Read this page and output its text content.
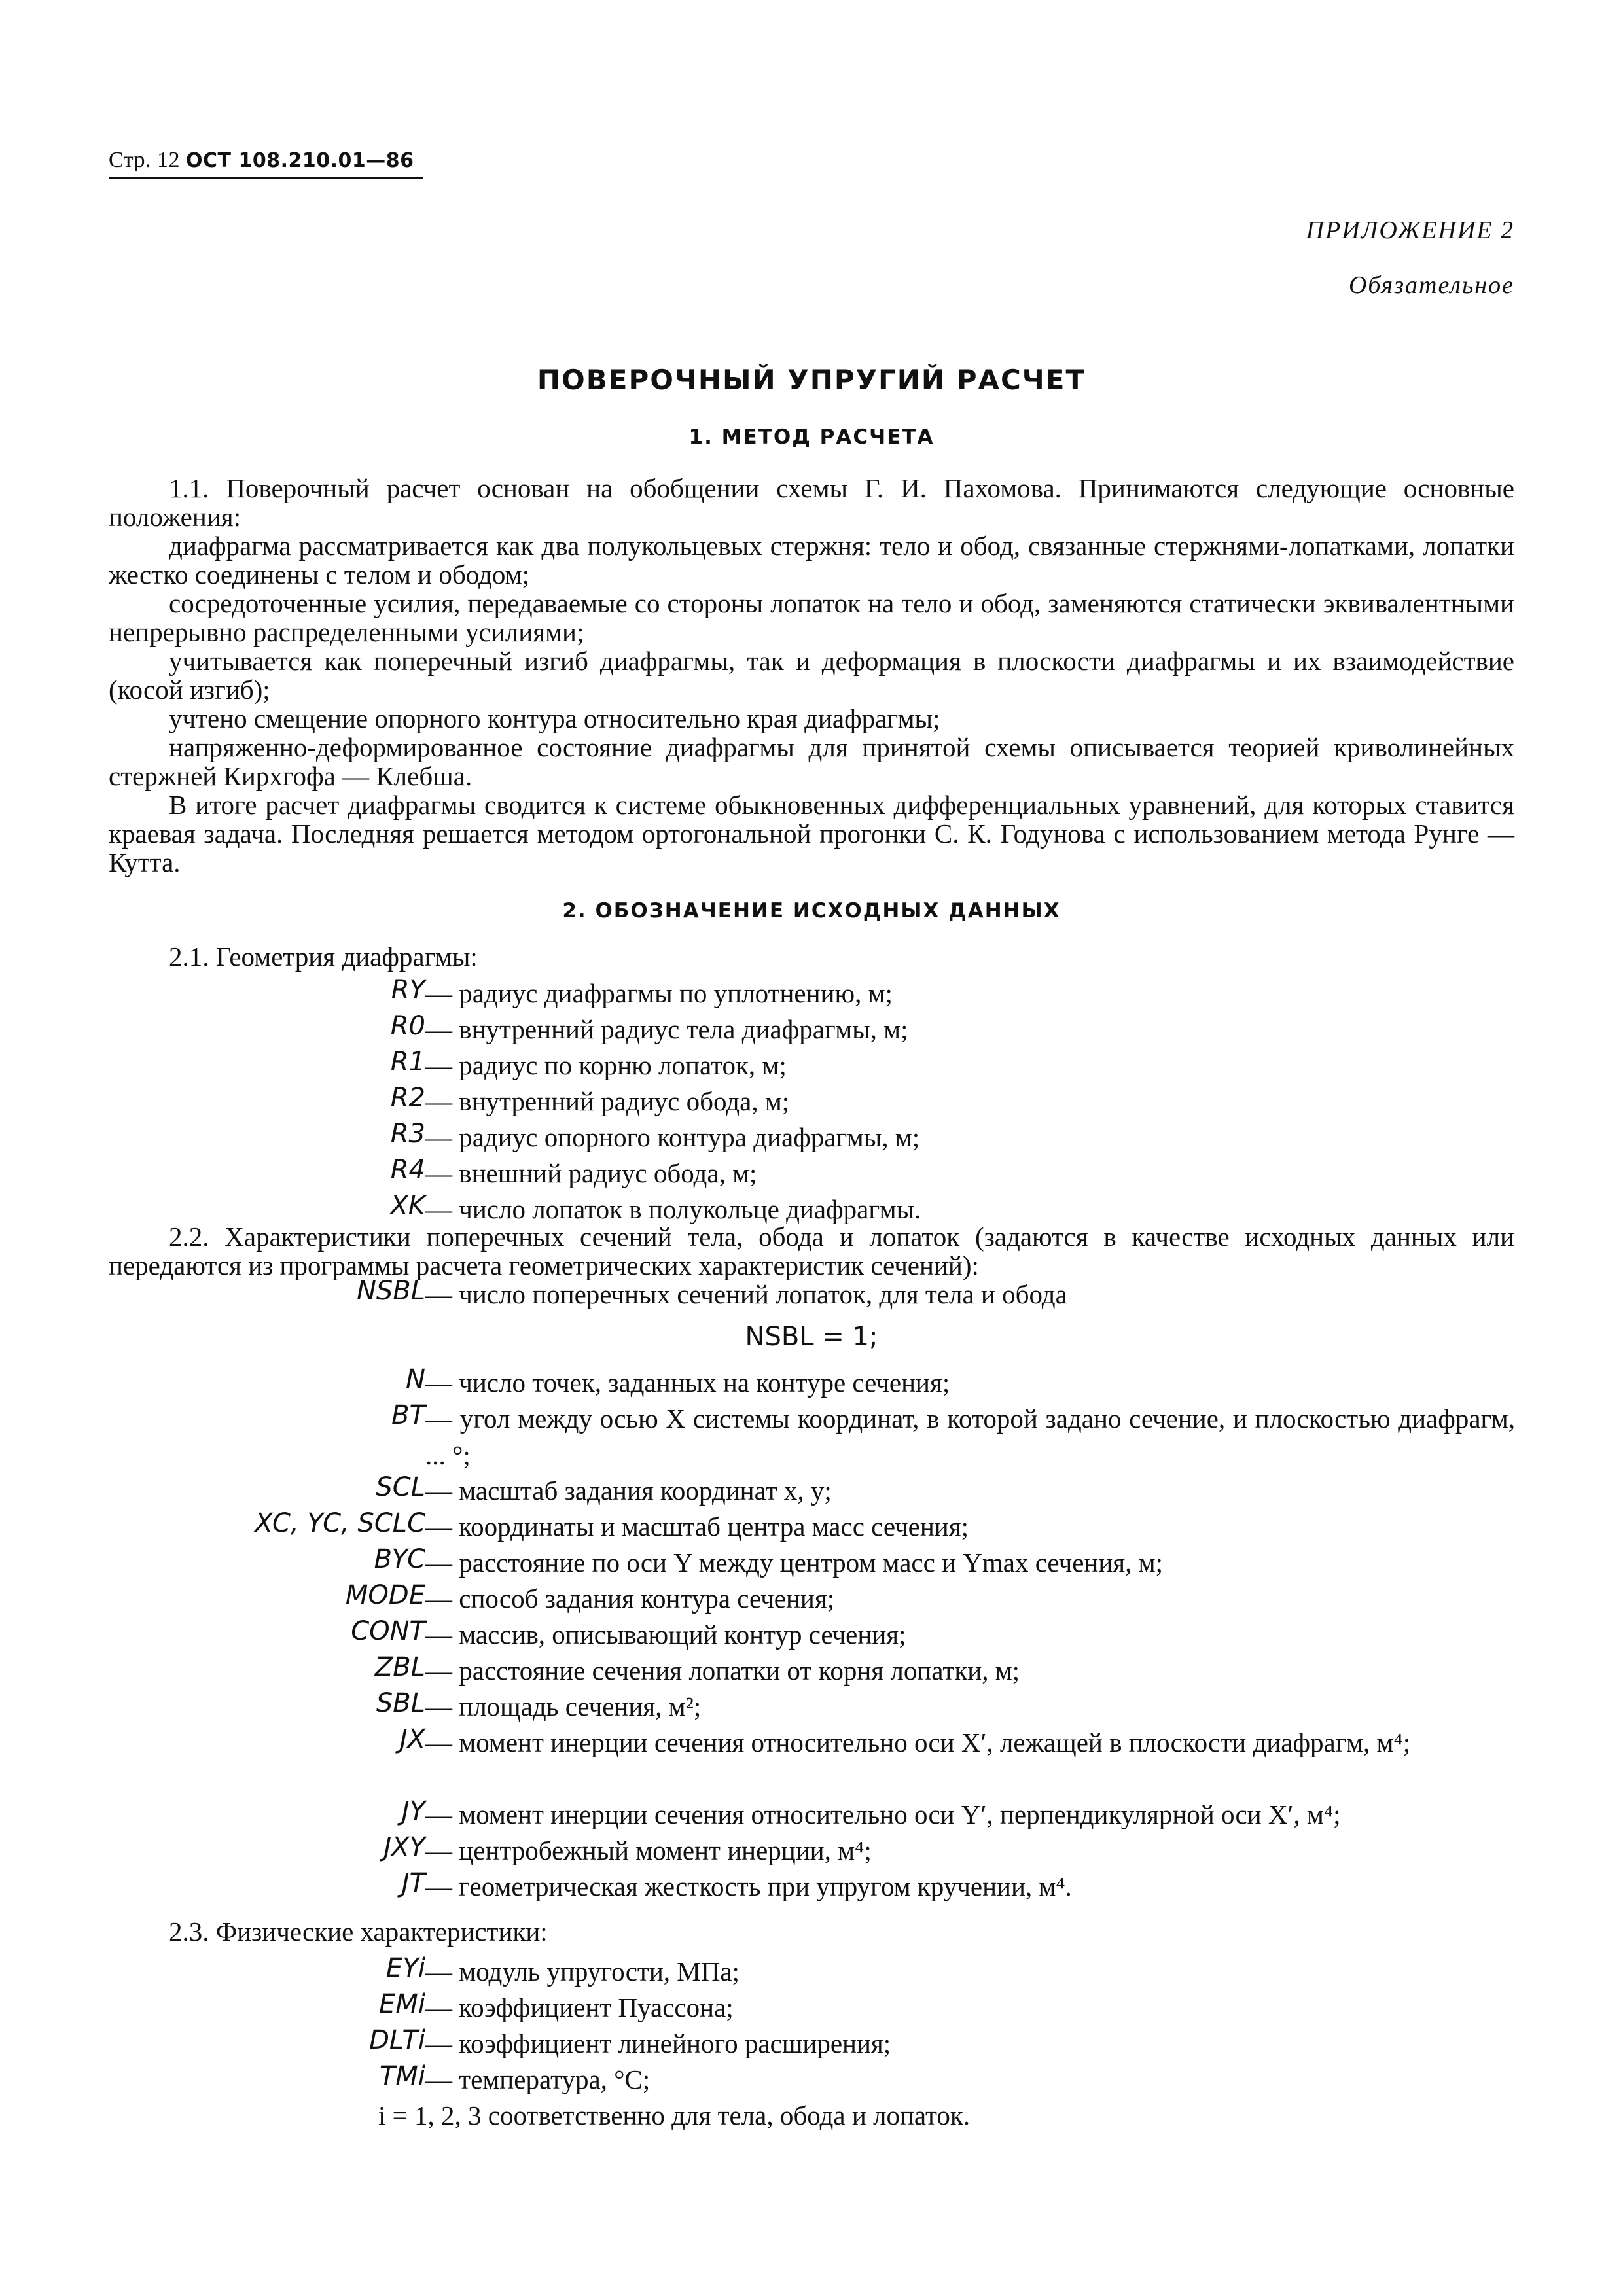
Стр. 12 ОСТ 108.210.01—86
ПРИЛОЖЕНИЕ 2
Обязательное
ПОВЕРОЧНЫЙ УПРУГИЙ РАСЧЕТ
1. МЕТОД РАСЧЕТА
1.1. Поверочный расчет основан на обобщении схемы Г. И. Пахомова. Принимаются следующие основные положения:
диафрагма рассматривается как два полукольцевых стержня: тело и обод, связанные стержнями-лопатками, лопатки жестко соединены с телом и ободом;
сосредоточенные усилия, передаваемые со стороны лопаток на тело и обод, заменяются статически эквивалентными непрерывно распределенными усилиями;
учитывается как поперечный изгиб диафрагмы, так и деформация в плоскости диафрагмы и их взаимодействие (косой изгиб);
учтено смещение опорного контура относительно края диафрагмы;
напряженно-деформированное состояние диафрагмы для принятой схемы описывается теорией криволинейных стержней Кирхгофа — Клебша.
В итоге расчет диафрагмы сводится к системе обыкновенных дифференциальных уравнений, для которых ставится краевая задача. Последняя решается методом ортогональной прогонки С. К. Годунова с использованием метода Рунге — Кутта.
2. ОБОЗНАЧЕНИЕ ИСХОДНЫХ ДАННЫХ
2.1. Геометрия диафрагмы:
RY — радиус диафрагмы по уплотнению, м;
R0 — внутренний радиус тела диафрагмы, м;
R1 — радиус по корню лопаток, м;
R2 — внутренний радиус обода, м;
R3 — радиус опорного контура диафрагмы, м;
R4 — внешний радиус обода, м;
XK — число лопаток в полукольце диафрагмы.
2.2. Характеристики поперечных сечений тела, обода и лопаток (задаются в качестве исходных данных или передаются из программы расчета геометрических характеристик сечений):
NSBL — число поперечных сечений лопаток, для тела и обода
NSBL = 1;
N — число точек, заданных на контуре сечения;
BT — угол между осью X системы координат, в которой задано сечение, и плоскостью диафрагм, ... °;
SCL — масштаб задания координат x, y;
XC, YC, SCLC — координаты и масштаб центра масс сечения;
BYC — расстояние по оси Y между центром масс и Ymax сечения, м;
MODE — способ задания контура сечения;
CONT — массив, описывающий контур сечения;
ZBL — расстояние сечения лопатки от корня лопатки, м;
SBL — площадь сечения, м²;
JX — момент инерции сечения относительно оси X′, лежащей в плоскости диафрагм, м⁴;
JY — момент инерции сечения относительно оси Y′, перпендикулярной оси X′, м⁴;
JXY — центробежный момент инерции, м⁴;
JT — геометрическая жесткость при упругом кручении, м⁴.
2.3. Физические характеристики:
EYi — модуль упругости, МПа;
EMi — коэффициент Пуассона;
DLTi — коэффициент линейного расширения;
TMi — температура, °С;
i = 1, 2, 3 соответственно для тела, обода и лопаток.
